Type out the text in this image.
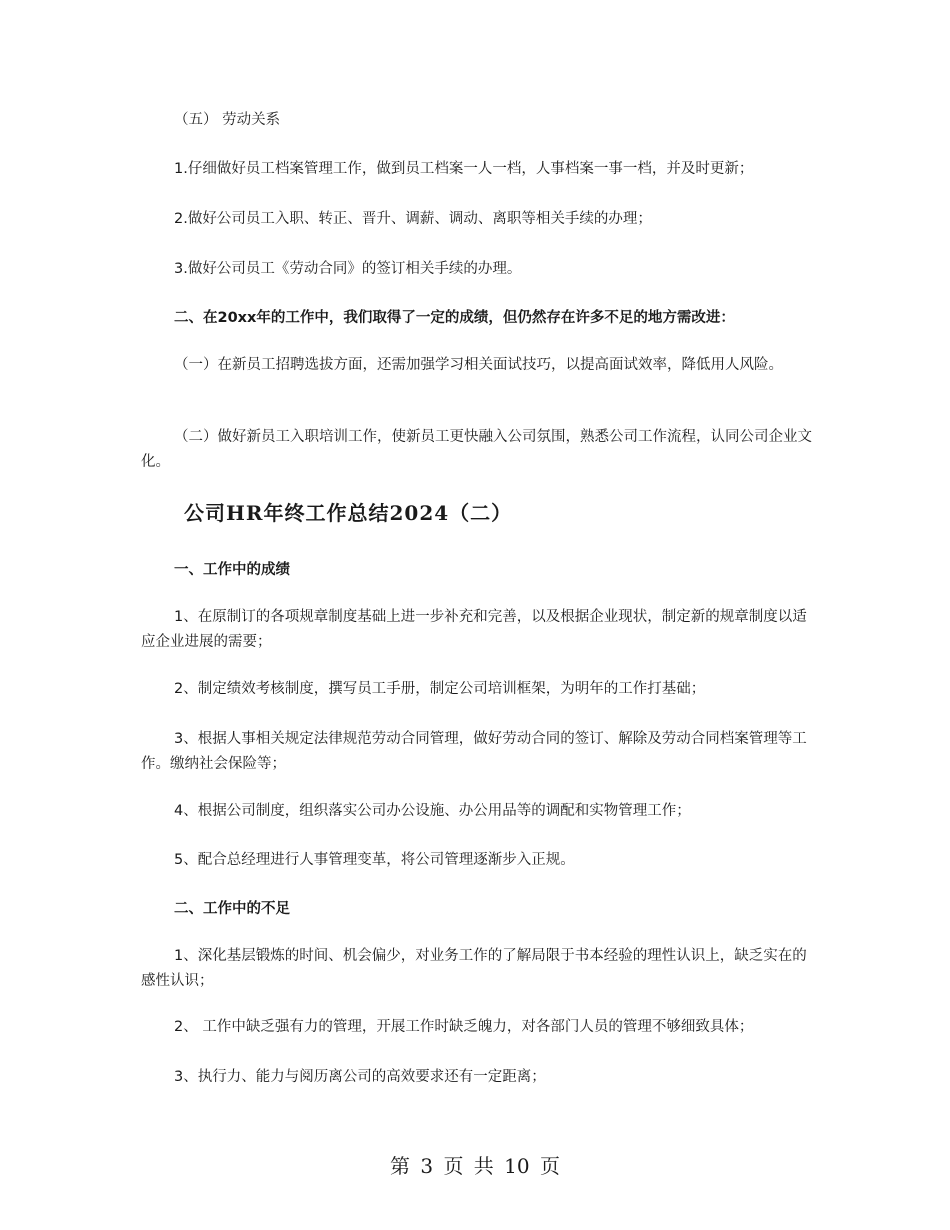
（五） 劳动关系

1.仔细做好员工档案管理工作，做到员工档案一人一档，人事档案一事一档，并及时更新；

2.做好公司员工入职、转正、晋升、调薪、调动、离职等相关手续的办理；

3.做好公司员工《劳动合同》的签订相关手续的办理。

二、在20xx年的工作中，我们取得了一定的成绩，但仍然存在许多不足的地方需改进：

（一）在新员工招聘选拔方面，还需加强学习相关面试技巧，以提高面试效率，降低用人风险。

（二）做好新员工入职培训工作，使新员工更快融入公司氛围，熟悉公司工作流程，认同公司企业文化。

公司HR年终工作总结2024（二）

一、工作中的成绩

1、在原制订的各项规章制度基础上进一步补充和完善，以及根据企业现状，制定新的规章制度以适应企业进展的需要；

2、制定绩效考核制度，撰写员工手册，制定公司培训框架，为明年的工作打基础；

3、根据人事相关规定法律规范劳动合同管理，做好劳动合同的签订、解除及劳动合同档案管理等工作。缴纳社会保险等；

4、根据公司制度，组织落实公司办公设施、办公用品等的调配和实物管理工作；

5、配合总经理进行人事管理变革，将公司管理逐渐步入正规。

二、工作中的不足

1、深化基层锻炼的时间、机会偏少，对业务工作的了解局限于书本经验的理性认识上，缺乏实在的感性认识；

2、 工作中缺乏强有力的管理，开展工作时缺乏魄力，对各部门人员的管理不够细致具体；

3、执行力、能力与阅历离公司的高效要求还有一定距离；

第 3 页 共 10 页
